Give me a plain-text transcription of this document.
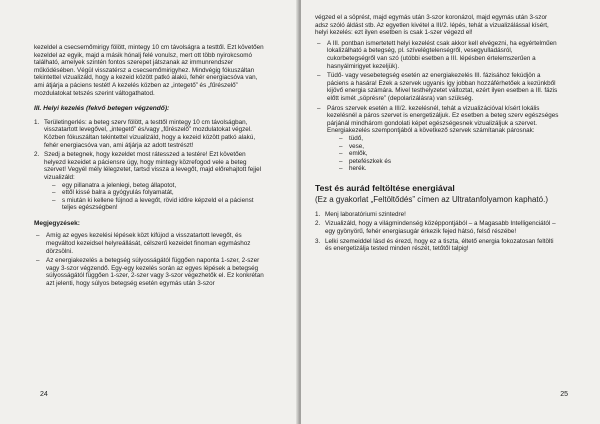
kezeldel a csecsemőmirigy fölött, mintegy 10 cm távolságra a testtől. Ezt követően kezeldel az egyik, majd a másik hónalj felé vonulsz, mert ott több nyirokcsomó található, amelyek szintén fontos szerepet játszanak az immunrendszer működésében. Végül visszatérsz a csecsemőmirigyhez. Mindvégig fókuszáltan tekintettel vizualizáld, hogy a kezeid között patkó alakú, fehér energiacsóva van, ami átjárja a páciens testét! A kezelés közben az „integető” és „fűrészelő” mozdulatokat tetszés szerint váltogathatod.

III. Helyi kezelés (fekvő betegen végzendő):
1. Területingerlés: a beteg szerv fölött, a testtől mintegy 10 cm távolságban, visszatartott levegővel, „integető” és/vagy „fűrészelő” mozdulatokat végzel. Közben fókuszáltan tekintettel vizualizáld, hogy a kezeid között patkó alakú, fehér energiacsóva van, ami átjárja az adott testrészt!
2. Szedj a betegnek, hogy kezeldet most rátesszed a testére! Ezt követően helyezd kezeidet a páciensre úgy, hogy mintegy közrefogod vele a beteg szervet! Vegyél mély lélegzetet, tartsd vissza a levegőt, majd előrehajtott fejjel vizualizáld:
– egy pillanatra a jelenlegi, beteg állapotot,
– ettől kissé balra a gyógyulás folyamatát,
– s miután ki kellene fújnod a levegőt, rövid időre képzeld el a pácienst teljes egészségben!
Megjegyzések:
– Amíg az egyes kezelési lépések közt kifújod a visszatartott levegőt, és megváltod kezeidsel helyreállását, célszerű kezeidet finoman egymáshoz dörzsölni.
– Az energiakezelés a betegség súlyosságától függően naponta 1-szer, 2-szer vagy 3-szor végzendő. Egy-egy kezelés során az egyes lépések a betegség súlyosságától függően 1-szer, 2-szer vagy 3-szor végezhetők el. Ez konkrétan azt jelenti, hogy súlyos betegség esetén egymás után 3-szor
24

végzed el a söprést, majd egymás után 3-szor koronázol, majd egymás után 3-szor adsz szóló áldást stb. Az egyetlen kivétel a III/2. lépés, tehát a vizualizálással kísért, helyi kezelés: ezt ilyen esetben is csak 1-szer végezd el!

– A III. pontban ismertetett helyi kezelést csak akkor kell elvégezni, ha egyértelműen lokalizálható a betegség, pl. szívelégtelenségről, vesegyulladásról, cukorbetegségről van szó (utóbbi esetben a III. lépésben értelemszerűen a hasnyálmirigyet kezeljük).
– Tüdő- vagy vesebetegség esetén az energiakezelés III. fázisához fekúdjön a páciens a hasára! Ezek a szervek ugyanis így jobban hozzáférhetőek a kezünkből kijövő energia számára. Mivel testhelyzetet változtat, ezért ilyen esetben a III. fázis előtt ismét „söprésre” (depolarizálásra) van szükség.
– Páros szervek esetén a III/2. kezelésnél, tehát a vizualizációval kísért lokális kezelésnél a páros szervet is energetizáljuk. Ez esetben a beteg szerv egészséges párjánál mindhárom gondolati képet egészségesnek vizualizáljuk a szervet. Energiakezelés szempontjából a következő szervek számítanak párosnak:
– tüdő,
– vese,
– emlők,
– petefészkek és
– herék.
Test és aurád feltöltése energiával
(Ez a gyakorlat „Feltöltődés” címen az Ultratanfolyamon kapható.)
1. Menj laboratóriumi szintedre!
2. Vizualizáld, hogy a világmindenség középpontjából – a Magasabb Intelligenciától – egy gyönyörű, fehér energiasugár érkezik fejed hátsó, felső részébe!
3. Lelki szemeiddel lásd és érezd, hogy ez a tiszta, éltető energia fokozatosan feltölti és energetizálja tested minden részét, tetőtől talpig!
25
